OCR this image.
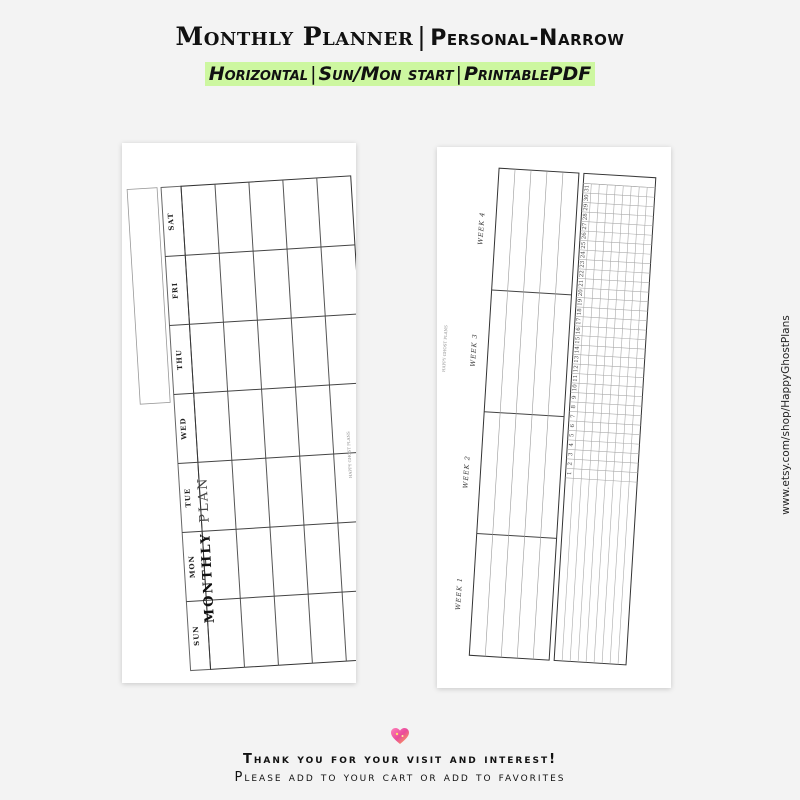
Monthly Planner | Personal-Narrow
Horizontal | Sun/Mon start | PrintablePDF
SUN
MON
TUE
WED
THU
FRI
SAT
MONTHLY PLAN
HAPPY GHOST PLANS
WEEK 1
WEEK 2
WEEK 3
WEEK 4
1
2
3
4
5
6
7
8
9
10
11
12
13
14
15
16
17
18
19
20
21
22
23
24
25
26
27
28
29
30
31
HAPPY GHOST PLANS	www.etsy.com/shop/HappyGhostPlans
Thank you for your visit and interest!
Please add to your cart or add to favorites
